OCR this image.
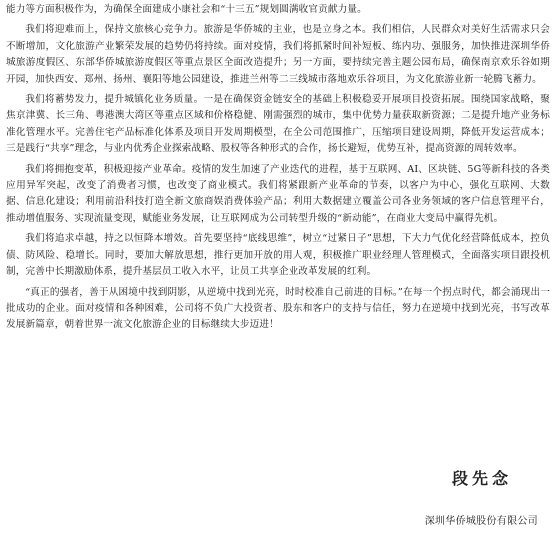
能力等方面积极作为，为确保全面建成小康社会和“十三五”规划圆满收官贡献力量。

我们将迎难而上，保持文旅核心竞争力。旅游是华侨城的主业，也是立身之本。我们相信，人民群众对美好生活需求只会不断增加，文化旅游产业繁荣发展的趋势仍将持续。面对疫情，我们将抓紧时间补短板、练内功、强服务，加快推进深圳华侨城旅游度假区、东部华侨城旅游度假区等重点景区全面改造提升；另一方面，要持续完善主题公园布局，确保南京欢乐谷如期开园，加快西安、郑州、扬州、襄阳等地公园建设，推进兰州等二三线城市落地欢乐谷项目，为文化旅游业新一轮腾飞蓄力。

我们将蓄势发力，提升城镇化业务质量。一是在确保资金链安全的基础上积极稳妥开展项目投资拓展。围绕国家战略，聚焦京津冀、长三角、粤港澳大湾区等重点区域和价格稳健、刚需强烈的城市，集中优势力量获取新资源；二是提升地产业务标准化管理水平。完善住宅产品标准化体系及项目开发周期模型，在全公司范围推广，压缩项目建设周期，降低开发运营成本；三是践行“共享”理念，与业内优秀企业探索战略、股权等各种形式的合作，扬长避短，优势互补，提高资源的周转效率。

我们将拥抱变革，积极迎接产业革命。疫情的发生加速了产业迭代的进程，基于互联网、AI、区块链、5G等新科技的各类应用异军突起，改变了消费者习惯，也改变了商业模式。我们将紧跟新产业革命的节奏，以客户为中心，强化互联网、大数据、信息化建设；利用前沿科技打造全新文旅商娱消费体验产品；利用大数据建立覆盖公司各业务领域的客户信息管理平台，推动增值服务、实现流量变现，赋能业务发展，让互联网成为公司转型升级的“新动能”，在商业大变局中赢得先机。

我们将追求卓越，持之以恒降本增效。首先要坚持“底线思维”，树立“过紧日子”思想，下大力气优化经营降低成本，控负债、防风险、稳增长。同时，要加大解放思想，推行更加开放的用人观，积极推广职业经理人管理模式，全面落实项目跟投机制，完善中长期激励体系，提升基层员工收入水平，让员工共享企业改革发展的红利。

“真正的强者，善于从困境中找到阴影，从逆境中找到光亮，时时校准自己前进的目标。”在每一个拐点时代，都会涌现出一批成功的企业。面对疫情和各种困难，公司将不负广大投资者、股东和客户的支持与信任，努力在逆境中找到光亮，书写改革发展新篇章，朝着世界一流文化旅游企业的目标继续大步迈进！

段先念
深圳华侨城股份有限公司
